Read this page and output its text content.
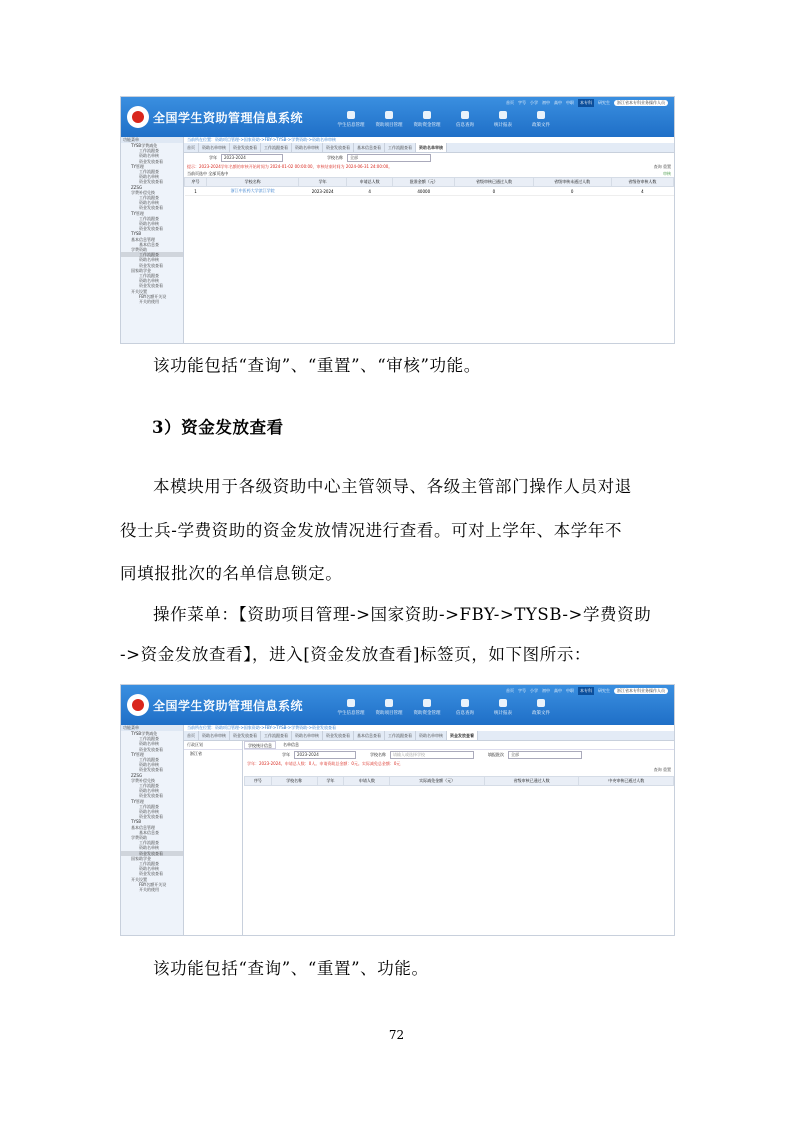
全国学生资助管理信息系统
学生信息管理	资助项目管理	资助资金管理	信息查询	统计报表	政策文件
首页 字号 小学 初中 高中 中职	本专科	研究生	浙江省本专科业务操作人员
功能菜单
TYSB学费减免
工作流跟查
资助名单核
资金发放查看
TY管理
工作流跟查
资助名单核
资金发放查看
ZZSG
学费补偿兑换
工作流跟查
资助名单核
资金发放查看
TY管理
工作流跟查
资助名单核
资金发放查看
TYSB
基本信息管理
基本信息查
学费资助
工作流跟查
资助名单核
资金发放查看
国家助学金
工作流跟查
资助名单核
资金发放查看
开关设置
FBY名额开关设
开关的使用
当前所在位置：资助项目管理->国家资助->FBY->TYSB->学费资助->资助名单审核
首页	资助名单审核	资金发放查看	工作流跟查看	资助名单审核	资金发放查看	基本信息查看	工作流跟查看	资助名单审核
学年	2023-2024	学校名称	全部
提示：2023-2024学年名额的审核开始时间为 2024-01-02 00:00:00，审核结束时间为 2024-06-31 24:00:00。	查询 重置
当前页选中 全部页选中	审核
序号	学校名称	学年	申请总人数	批准金额（元）	省级审核已通过人数	省级审核未通过人数	省级待审核人数
1	浙江中医药大学滨江学院	2023-2024	4	40000	0	0	4
该功能包括“查询”、“重置”、“审核”功能。
3）资金发放查看
本模块用于各级资助中心主管领导、各级主管部门操作人员对退
役士兵-学费资助的资金发放情况进行查看。可对上学年、本学年不
同填报批次的名单信息锁定。
操作菜单：【资助项目管理->国家资助->FBY->TYSB->学费资助
->资金发放查看】，进入[资金发放查看]标签页，如下图所示：
全国学生资助管理信息系统
学生信息管理	资助项目管理	资助资金管理	信息查询	统计报表	政策文件
首页 字号 小学 初中 高中 中职	本专科	研究生	浙江省本专科业务操作人员
功能菜单
TYSB学费减免
工作流跟查
资助名单核
资金发放查看
TY管理
工作流跟查
资助名单核
资金发放查看
ZZSG
学费补偿兑换
工作流跟查
资助名单核
资金发放查看
TY管理
工作流跟查
资助名单核
资金发放查看
TYSB
基本信息管理
基本信息查
学费资助
工作流跟查
资助名单核
资金发放查看
国家助学金
工作流跟查
资助名单核
资金发放查看
开关设置
FBY名额开关设
开关的使用
当前所在位置：资助项目管理->国家资助->FBY->TYSB->学费资助->资金发放查看
首页	资助名单审核	资金发放查看	工作流跟查看	资助名单审核	资金发放查看	基本信息查看	工作流跟查看	资助名单审核	资金发放查看
行政区划
浙江省
学校统计信息	名单信息
学年	2023-2024	学校名称	请输入或选择学校	填报批次	全部
学年：2023-2024。申请总人数：0人。申请资助总金额：0元。实际减免总金额：0元
查询 重置
序号	学校名称	学年	申请人数	实际减免金额（元）	省级审核已通过人数	中央审核已通过人数
该功能包括“查询”、“重置”、功能。
72
